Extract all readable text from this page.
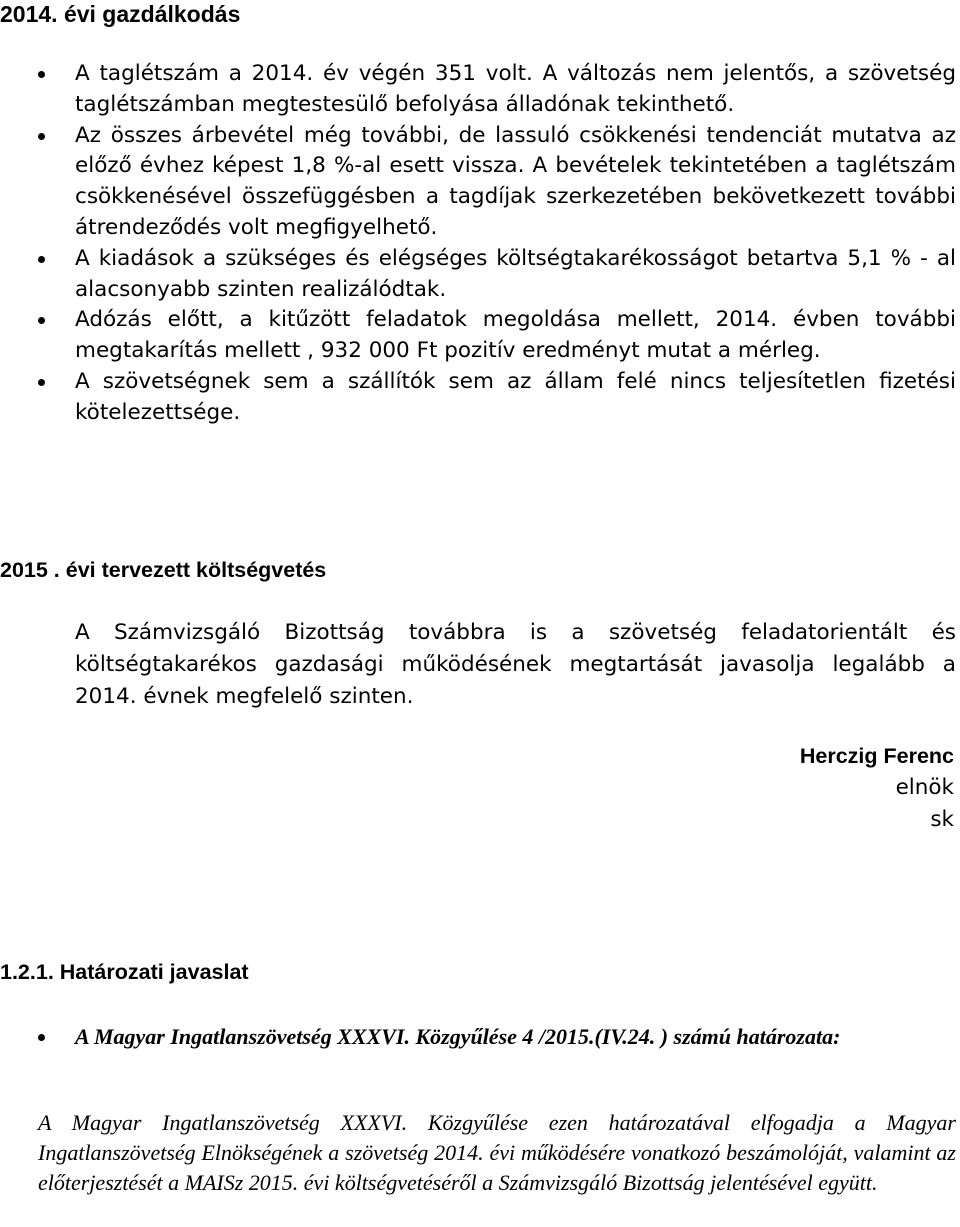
2014. évi gazdálkodás
A taglétszám a 2014. év végén 351 volt. A változás nem jelentős, a szövetség taglétszámban megtestesülő befolyása álladónak tekinthető.
Az összes árbevétel még további, de lassuló csökkenési tendenciát mutatva az előző évhez képest 1,8 %-al esett vissza. A bevételek tekintetében a taglétszám csökkenésével összefüggésben a tagdíjak szerkezetében bekövetkezett további átrendeződés volt megfigyelhető.
A kiadások a szükséges és elégséges költségtakarékosságot betartva 5,1 % - al alacsonyabb szinten realizálódtak.
Adózás előtt, a kitűzött feladatok megoldása mellett, 2014. évben további megtakarítás mellett , 932 000 Ft pozitív eredményt mutat a mérleg.
A szövetségnek sem a szállítók sem az állam felé nincs teljesítetlen fizetési kötelezettsége.
2015 . évi tervezett költségvetés

A Számvizsgáló Bizottság továbbra is a szövetség feladatorientált és költségtakarékos gazdasági működésének megtartását javasolja legalább a 2014. évnek megfelelő szinten.

Herczig Ferenc

elnök

sk

1.2.1. Határozati javaslat

A Magyar Ingatlanszövetség XXXVI. Közgyűlése 4 /2015.(IV.24. ) számú határozata:

A Magyar Ingatlanszövetség XXXVI. Közgyűlése ezen határozatával elfogadja a Magyar Ingatlanszövetség Elnökségének a szövetség 2014. évi működésére vonatkozó beszámolóját, valamint az előterjesztését a MAISz 2015. évi költségvetéséről a Számvizsgáló Bizottság jelentésével együtt.
